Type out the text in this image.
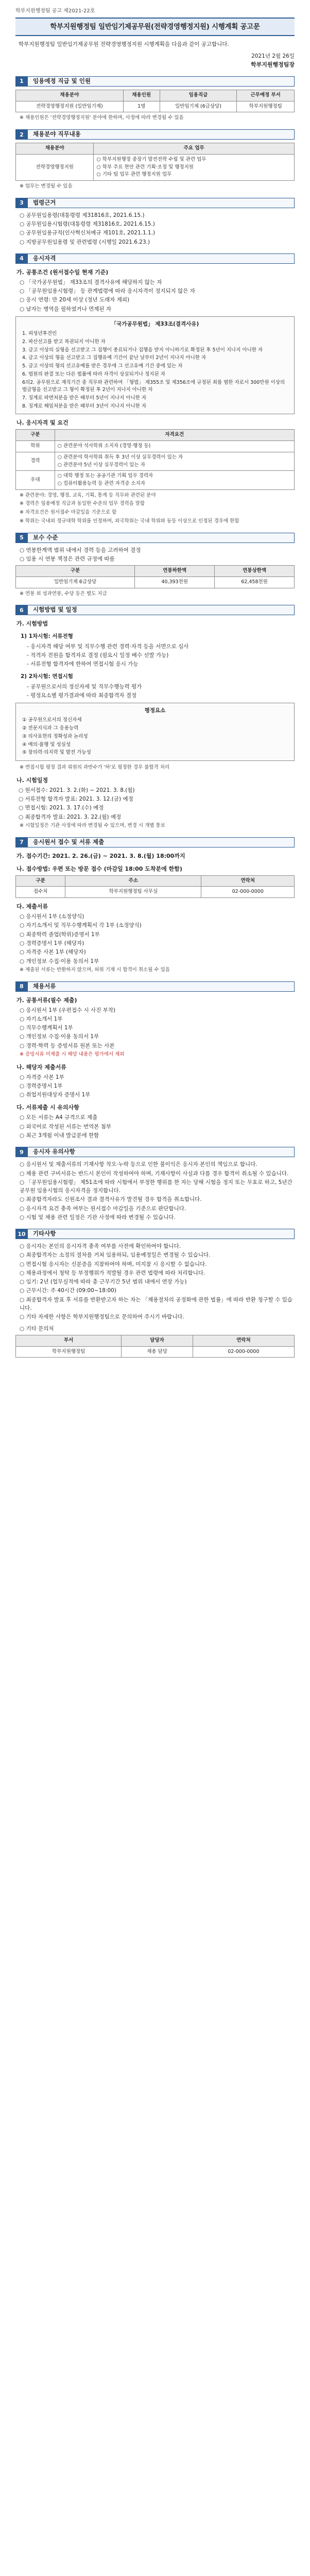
학부지원행정팀 공고 제2021-22호
학부지원행정팀 일반임기제공무원(전략경영행정지원) 시행계획 공고문
학부지원행정팀 일반임기제공무원 전략경영행정지원 시행계획을 다음과 같이 공고합니다.
2021년 2월 26일
학부지원행정팀장
1	임용예정 직급 및 인원
채용분야	채용인원	임용직급	근무예정 부서
전략경영행정지원 (일반임기제)	1명	일반임기제 (6급상당)	학부지원행정팀
※ 채용인원은 '전략경영행정지원' 분야에 한하며, 사정에 따라 변경될 수 있음
2	채용분야 직무내용
채용분야	주요 업무
전략경영행정지원	○ 학부지원행정 중장기 발전전략 수립 및 관련 업무
○ 학부 주요 현안 관련 기획·조정 및 행정지원
○ 기타 팀 업무 관련 행정지원 업무
※ 업무는 변경될 수 있음
3	법령근거
○ 공무원임용령(대통령령 제31816호, 2021.6.15.)
○ 공무원임용시험령(대통령령 제31816호, 2021.6.15.)
○ 공무원임용규칙(인사혁신처예규 제101호, 2021.1.1.)
○ 지방공무원임용령 및 관련법령 (시행일 2021.6.23.)
4	응시자격
가. 공통조건 (원서접수일 현재 기준)
○ 「국가공무원법」 제33조의 결격사유에 해당하지 않는 자
○ 「공무원임용시험령」 등 관계법령에 따라 응시자격이 정지되지 않은 자
○ 응시 연령: 만 20세 이상 (정년 도래자 제외)
○ 남자는 병역을 필하였거나 면제된 자
「국가공무원법」 제33조(결격사유)
1. 피성년후견인
2. 파산선고를 받고 복권되지 아니한 자
3. 금고 이상의 실형을 선고받고 그 집행이 종료되거나 집행을 받지 아니하기로 확정된 후 5년이 지나지 아니한 자
4. 금고 이상의 형을 선고받고 그 집행유예 기간이 끝난 날부터 2년이 지나지 아니한 자
5. 금고 이상의 형의 선고유예를 받은 경우에 그 선고유예 기간 중에 있는 자
6. 법원의 판결 또는 다른 법률에 따라 자격이 상실되거나 정지된 자
6의2. 공무원으로 재직기간 중 직무와 관련하여 「형법」 제355조 및 제356조에 규정된 죄를 범한 자로서 300만원 이상의 벌금형을 선고받고 그 형이 확정된 후 2년이 지나지 아니한 자
7. 징계로 파면처분을 받은 때부터 5년이 지나지 아니한 자
8. 징계로 해임처분을 받은 때부터 3년이 지나지 아니한 자
나. 응시자격 및 요건
구분	자격요건
학위	○ 관련분야 석사학위 소지자 (경영·행정 등)
경력	○ 관련분야 학사학위 취득 후 3년 이상 실무경력이 있는 자
○ 관련분야 5년 이상 실무경력이 있는 자
우대	○ 대학 행정 또는 공공기관 기획 업무 경력자
○ 컴퓨터활용능력 등 관련 자격증 소지자
※ 관련분야: 경영, 행정, 교육, 기획, 통계 등 직무와 관련된 분야
※ 경력은 임용예정 직급과 동일한 수준의 업무 경력을 말함
※ 자격요건은 원서접수 마감일을 기준으로 함
※ 학위는 국내외 정규대학 학위를 인정하며, 외국학위는 국내 학위와 동등 이상으로 인정된 경우에 한함
5	보수 수준
○ 연봉한계액 범위 내에서 경력 등을 고려하여 결정
○ 임용 시 연봉 책정은 관련 규정에 따름
구분	연봉하한액	연봉상한액
일반임기제 6급상당	40,393천원	62,458천원
※ 연봉 외 성과연봉, 수당 등은 별도 지급
6	시험방법 및 일정
가. 시험방법
1) 1차시험: 서류전형
- 응시자격 해당 여부 및 직무수행 관련 경력·자격 등을 서면으로 심사
- 적격자 전원을 합격자로 결정 (필요시 일정 배수 선발 가능)
- 서류전형 합격자에 한하여 면접시험 응시 가능
2) 2차시험: 면접시험
- 공무원으로서의 정신자세 및 직무수행능력 평가
- 평정요소별 평가결과에 따라 최종합격자 결정
평정요소
① 공무원으로서의 정신자세
② 전문지식과 그 응용능력
③ 의사표현의 정확성과 논리성
④ 예의·품행 및 성실성
⑤ 창의력·의지력 및 발전 가능성
※ 면접시험 평정 결과 위원의 과반수가 '하'로 평정한 경우 불합격 처리
나. 시험일정
○ 원서접수: 2021. 3. 2.(화) ~ 2021. 3. 8.(월)
○ 서류전형 합격자 발표: 2021. 3. 12.(금) 예정
○ 면접시험: 2021. 3. 17.(수) 예정
○ 최종합격자 발표: 2021. 3. 22.(월) 예정
※ 시험일정은 기관 사정에 따라 변경될 수 있으며, 변경 시 개별 통보
7	응시원서 접수 및 서류 제출
가. 접수기간: 2021. 2. 26.(금) ~ 2021. 3. 8.(월) 18:00까지
나. 접수방법: 우편 또는 방문 접수 (마감일 18:00 도착분에 한함)
구분	주소	연락처
접수처	학부지원행정팀 사무실	02-000-0000
다. 제출서류
○ 응시원서 1부 (소정양식)
○ 자기소개서 및 직무수행계획서 각 1부 (소정양식)
○ 최종학력 졸업(학위)증명서 1부
○ 경력증명서 1부 (해당자)
○ 자격증 사본 1부 (해당자)
○ 개인정보 수집·이용 동의서 1부
※ 제출된 서류는 반환하지 않으며, 허위 기재 시 합격이 취소될 수 있음
8	채용서류
가. 공통서류(필수 제출)
○ 응시원서 1부 (우편접수 시 사진 부착)
○ 자기소개서 1부
○ 직무수행계획서 1부
○ 개인정보 수집·이용 동의서 1부
○ 경력·학력 등 증빙서류 원본 또는 사본
※ 증빙서류 미제출 시 해당 내용은 평가에서 제외
나. 해당자 제출서류
○ 자격증 사본 1부
○ 경력증명서 1부
○ 취업지원대상자 증명서 1부
다. 서류제출 시 유의사항
○ 모든 서류는 A4 규격으로 제출
○ 외국어로 작성된 서류는 번역본 첨부
○ 최근 3개월 이내 발급분에 한함
9	응시자 유의사항
○ 응시원서 및 제출서류의 기재사항 착오·누락 등으로 인한 불이익은 응시자 본인의 책임으로 합니다.
○ 채용 관련 구비서류는 반드시 본인이 작성하여야 하며, 기재사항이 사실과 다를 경우 합격이 취소될 수 있습니다.
○ 「공무원임용시험령」 제51조에 따라 시험에서 부정한 행위를 한 자는 당해 시험을 정지 또는 무효로 하고, 5년간 공무원 임용시험의 응시자격을 정지합니다.
○ 최종합격자라도 신원조사 결과 결격사유가 발견될 경우 합격을 취소합니다.
○ 응시자격 요건 충족 여부는 원서접수 마감일을 기준으로 판단합니다.
○ 시험 및 채용 관련 일정은 기관 사정에 따라 변경될 수 있습니다.
10	기타사항
○ 응시자는 본인의 응시자격 충족 여부를 사전에 확인하여야 합니다.
○ 최종합격자는 소정의 절차를 거쳐 임용하되, 임용예정일은 변경될 수 있습니다.
○ 면접시험 응시자는 신분증을 지참하여야 하며, 미지참 시 응시할 수 없습니다.
○ 채용과정에서 청탁 등 부정행위가 적발될 경우 관련 법령에 따라 처리합니다.
○ 임기: 2년 (업무실적에 따라 총 근무기간 5년 범위 내에서 연장 가능)
○ 근무시간: 주 40시간 (09:00~18:00)
○ 최종합격자 발표 후 서류를 반환받고자 하는 자는 「채용절차의 공정화에 관한 법률」에 따라 반환 청구할 수 있습니다.
○ 기타 자세한 사항은 학부지원행정팀으로 문의하여 주시기 바랍니다.
○ 기타 문의처
부서	담당자	연락처
학부지원행정팀	채용 담당	02-000-0000
